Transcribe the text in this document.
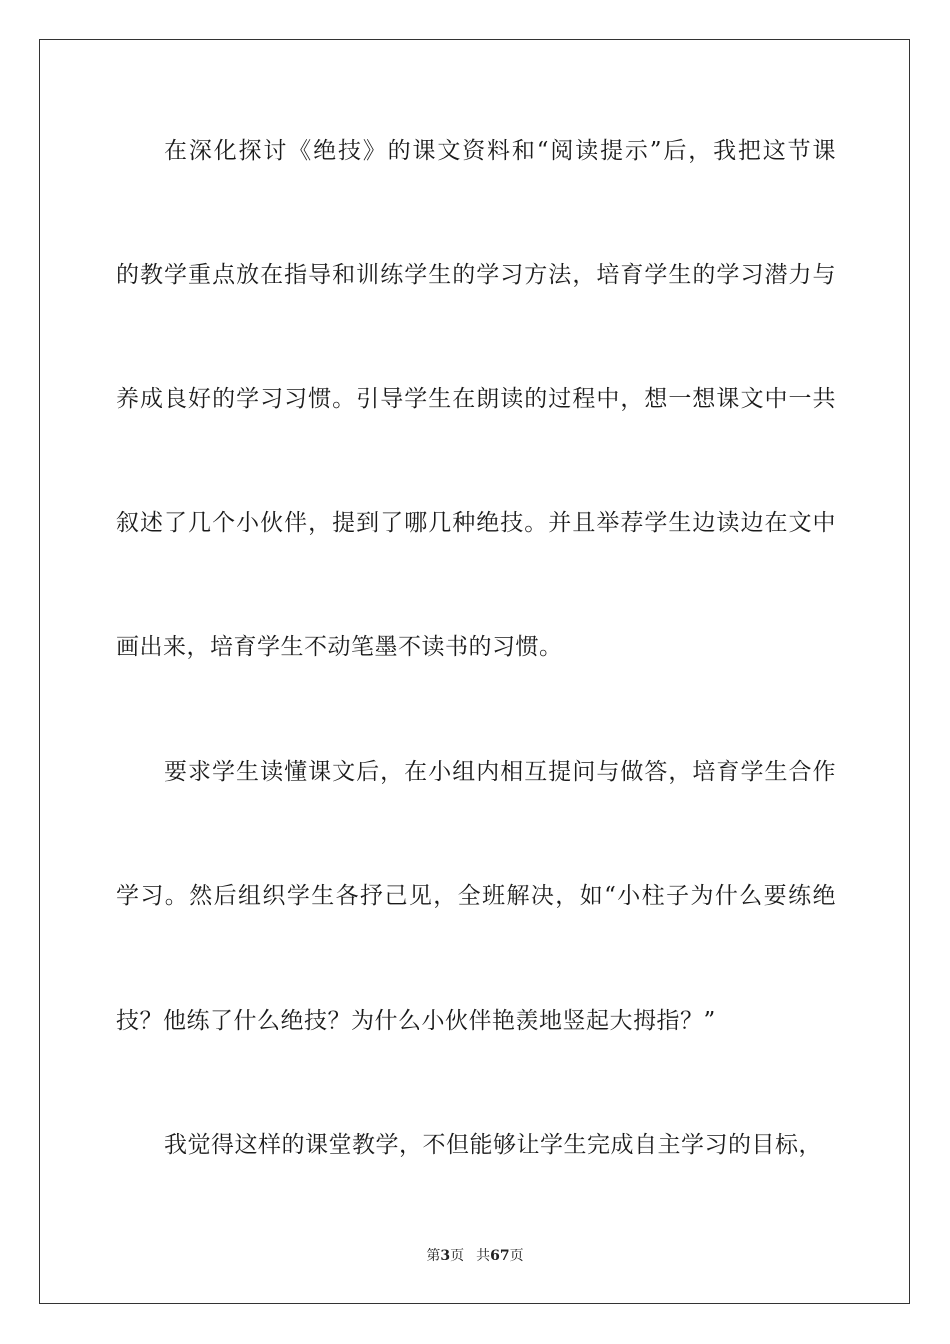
在深化探讨《绝技》的课文资料和“阅读提示”后，我把这节课
的教学重点放在指导和训练学生的学习方法，培育学生的学习潜力与
养成良好的学习习惯。引导学生在朗读的过程中，想一想课文中一共
叙述了几个小伙伴，提到了哪几种绝技。并且举荐学生边读边在文中
画出来，培育学生不动笔墨不读书的习惯。
要求学生读懂课文后，在小组内相互提问与做答，培育学生合作
学习。然后组织学生各抒己见，全班解决，如“小柱子为什么要练绝
技？他练了什么绝技？为什么小伙伴艳羡地竖起大拇指？”
我觉得这样的课堂教学，不但能够让学生完成自主学习的目标，
第3页 共67页
